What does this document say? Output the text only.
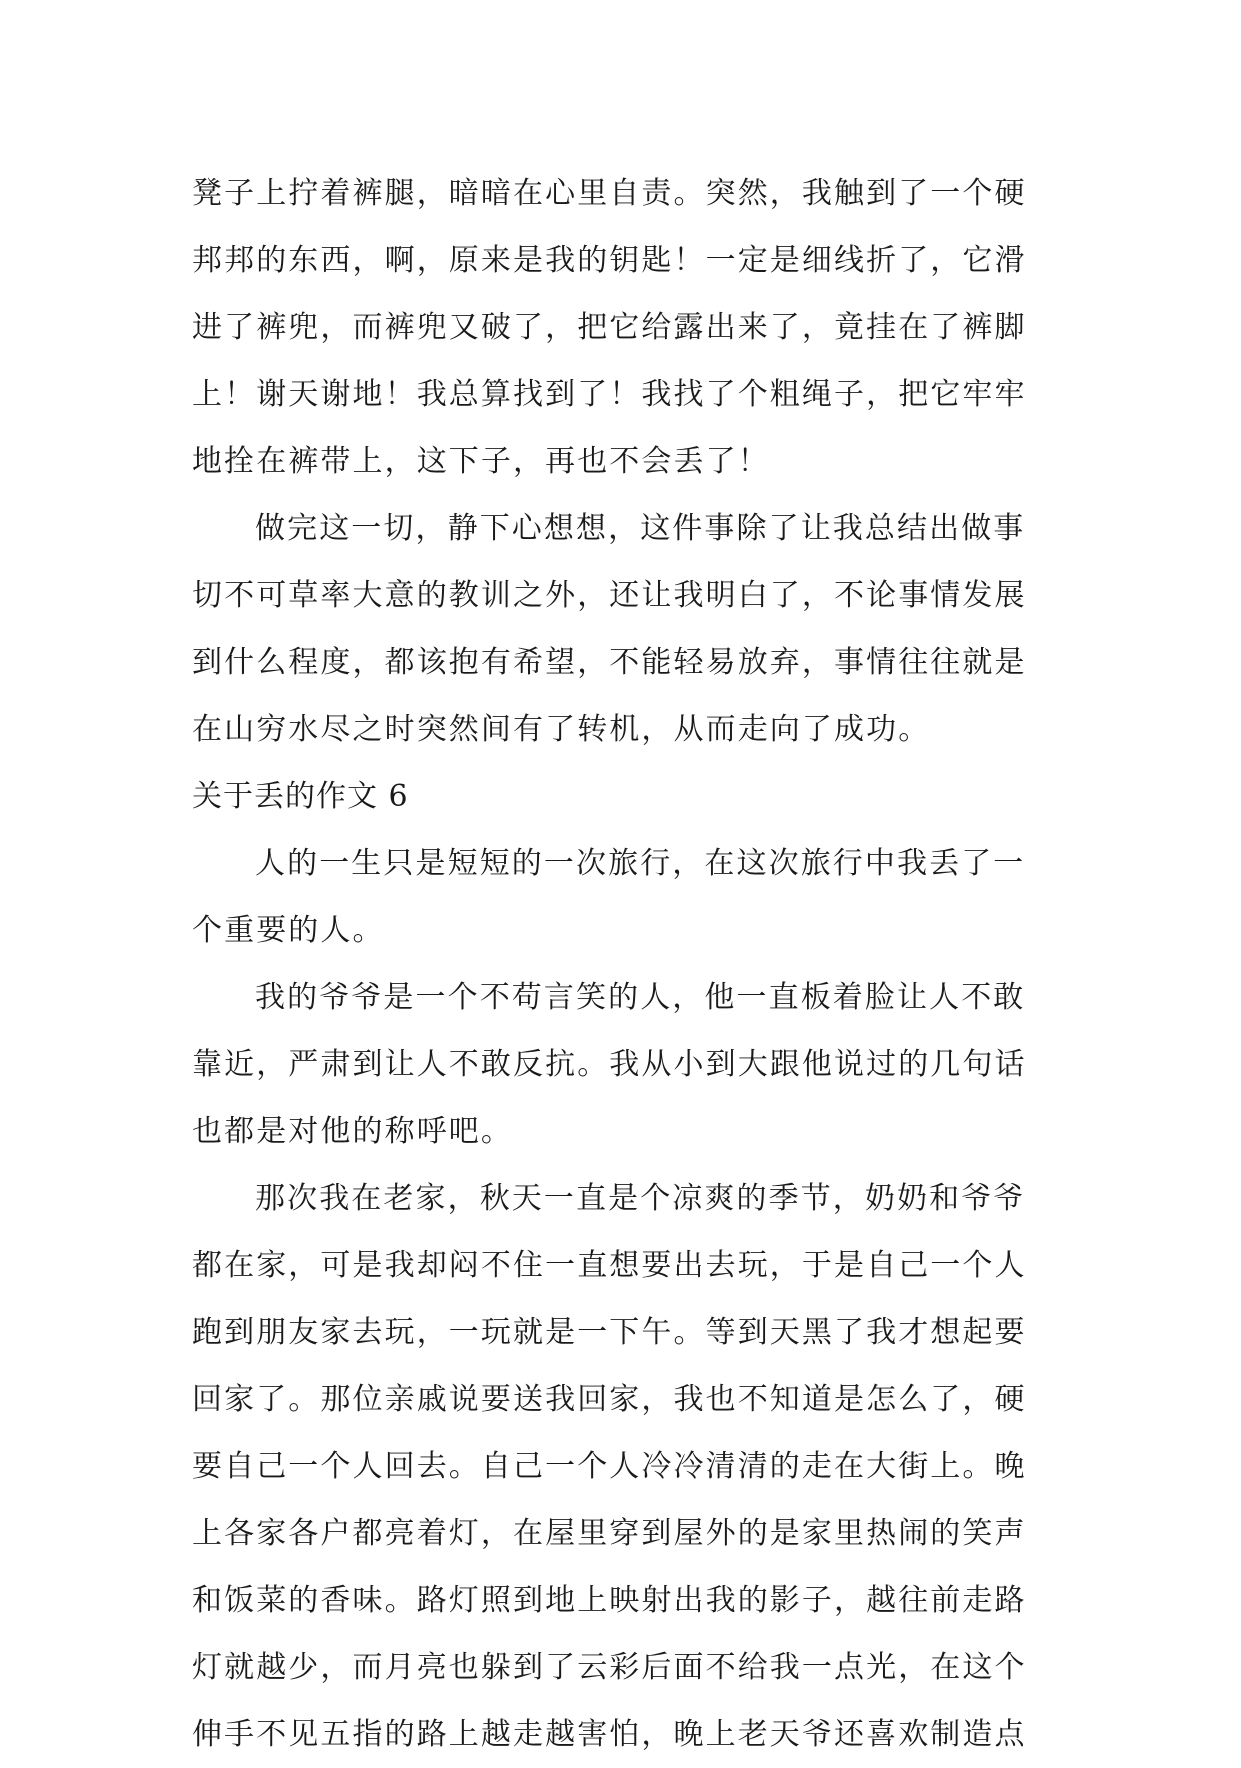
凳子上拧着裤腿，暗暗在心里自责。突然，我触到了一个硬
邦邦的东西，啊，原来是我的钥匙！一定是细线折了，它滑
进了裤兜，而裤兜又破了，把它给露出来了，竟挂在了裤脚
上！谢天谢地！我总算找到了！我找了个粗绳子，把它牢牢
地拴在裤带上，这下子，再也不会丢了！
做完这一切，静下心想想，这件事除了让我总结出做事
切不可草率大意的教训之外，还让我明白了，不论事情发展
到什么程度，都该抱有希望，不能轻易放弃，事情往往就是
在山穷水尽之时突然间有了转机，从而走向了成功。
关于丢的作文 6
人的一生只是短短的一次旅行，在这次旅行中我丢了一
个重要的人。
我的爷爷是一个不苟言笑的人，他一直板着脸让人不敢
靠近，严肃到让人不敢反抗。我从小到大跟他说过的几句话
也都是对他的称呼吧。
那次我在老家，秋天一直是个凉爽的季节，奶奶和爷爷
都在家，可是我却闷不住一直想要出去玩，于是自己一个人
跑到朋友家去玩，一玩就是一下午。等到天黑了我才想起要
回家了。那位亲戚说要送我回家，我也不知道是怎么了，硬
要自己一个人回去。自己一个人冷冷清清的走在大街上。晚
上各家各户都亮着灯，在屋里穿到屋外的是家里热闹的笑声
和饭菜的香味。路灯照到地上映射出我的影子，越往前走路
灯就越少，而月亮也躲到了云彩后面不给我一点光，在这个
伸手不见五指的路上越走越害怕，晚上老天爷还喜欢制造点
